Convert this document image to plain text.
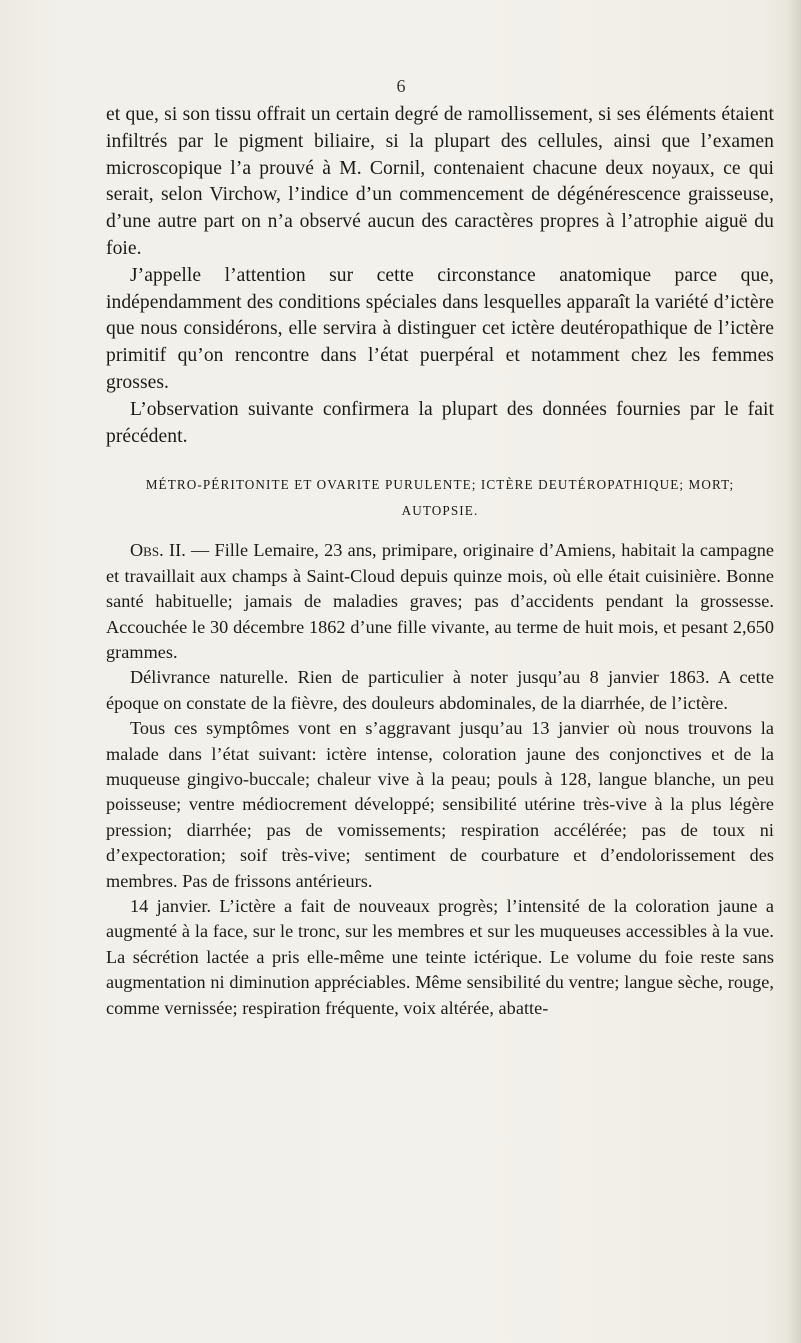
6

et que, si son tissu offrait un certain degré de ramollissement, si ses éléments étaient infiltrés par le pigment biliaire, si la plupart des cellules, ainsi que l’examen microscopique l’a prouvé à M. Cornil, contenaient chacune deux noyaux, ce qui serait, selon Virchow, l’indice d’un commencement de dégénérescence graisseuse, d’une autre part on n’a observé aucun des caractères propres à l’atrophie aiguë du foie.

J’appelle l’attention sur cette circonstance anatomique parce que, indépendamment des conditions spéciales dans lesquelles apparaît la variété d’ictère que nous considérons, elle servira à distinguer cet ictère deutéropathique de l’ictère primitif qu’on rencontre dans l’état puerpéral et notamment chez les femmes grosses.

L’observation suivante confirmera la plupart des données fournies par le fait précédent.

MÉTRO-PÉRITONITE ET OVARITE PURULENTE; ICTÈRE DEUTÉROPATHIQUE; MORT; AUTOPSIE.

Obs. II. — Fille Lemaire, 23 ans, primipare, originaire d’Amiens, habitait la campagne et travaillait aux champs à Saint-Cloud depuis quinze mois, où elle était cuisinière. Bonne santé habituelle; jamais de maladies graves; pas d’accidents pendant la grossesse. Accouchée le 30 décembre 1862 d’une fille vivante, au terme de huit mois, et pesant 2,650 grammes.

Délivrance naturelle. Rien de particulier à noter jusqu’au 8 janvier 1863. A cette époque on constate de la fièvre, des douleurs abdominales, de la diarrhée, de l’ictère.

Tous ces symptômes vont en s’aggravant jusqu’au 13 janvier où nous trouvons la malade dans l’état suivant: ictère intense, coloration jaune des conjonctives et de la muqueuse gingivo-buccale; chaleur vive à la peau; pouls à 128, langue blanche, un peu poisseuse; ventre médiocrement développé; sensibilité utérine très-vive à la plus légère pression; diarrhée; pas de vomissements; respiration accélérée; pas de toux ni d’expectoration; soif très-vive; sentiment de courbature et d’endolorissement des membres. Pas de frissons antérieurs.

14 janvier. L’ictère a fait de nouveaux progrès; l’intensité de la coloration jaune a augmenté à la face, sur le tronc, sur les membres et sur les muqueuses accessibles à la vue. La sécrétion lactée a pris elle-même une teinte ictérique. Le volume du foie reste sans augmentation ni diminution appréciables. Même sensibilité du ventre; langue sèche, rouge, comme vernissée; respiration fréquente, voix altérée, abatte-
